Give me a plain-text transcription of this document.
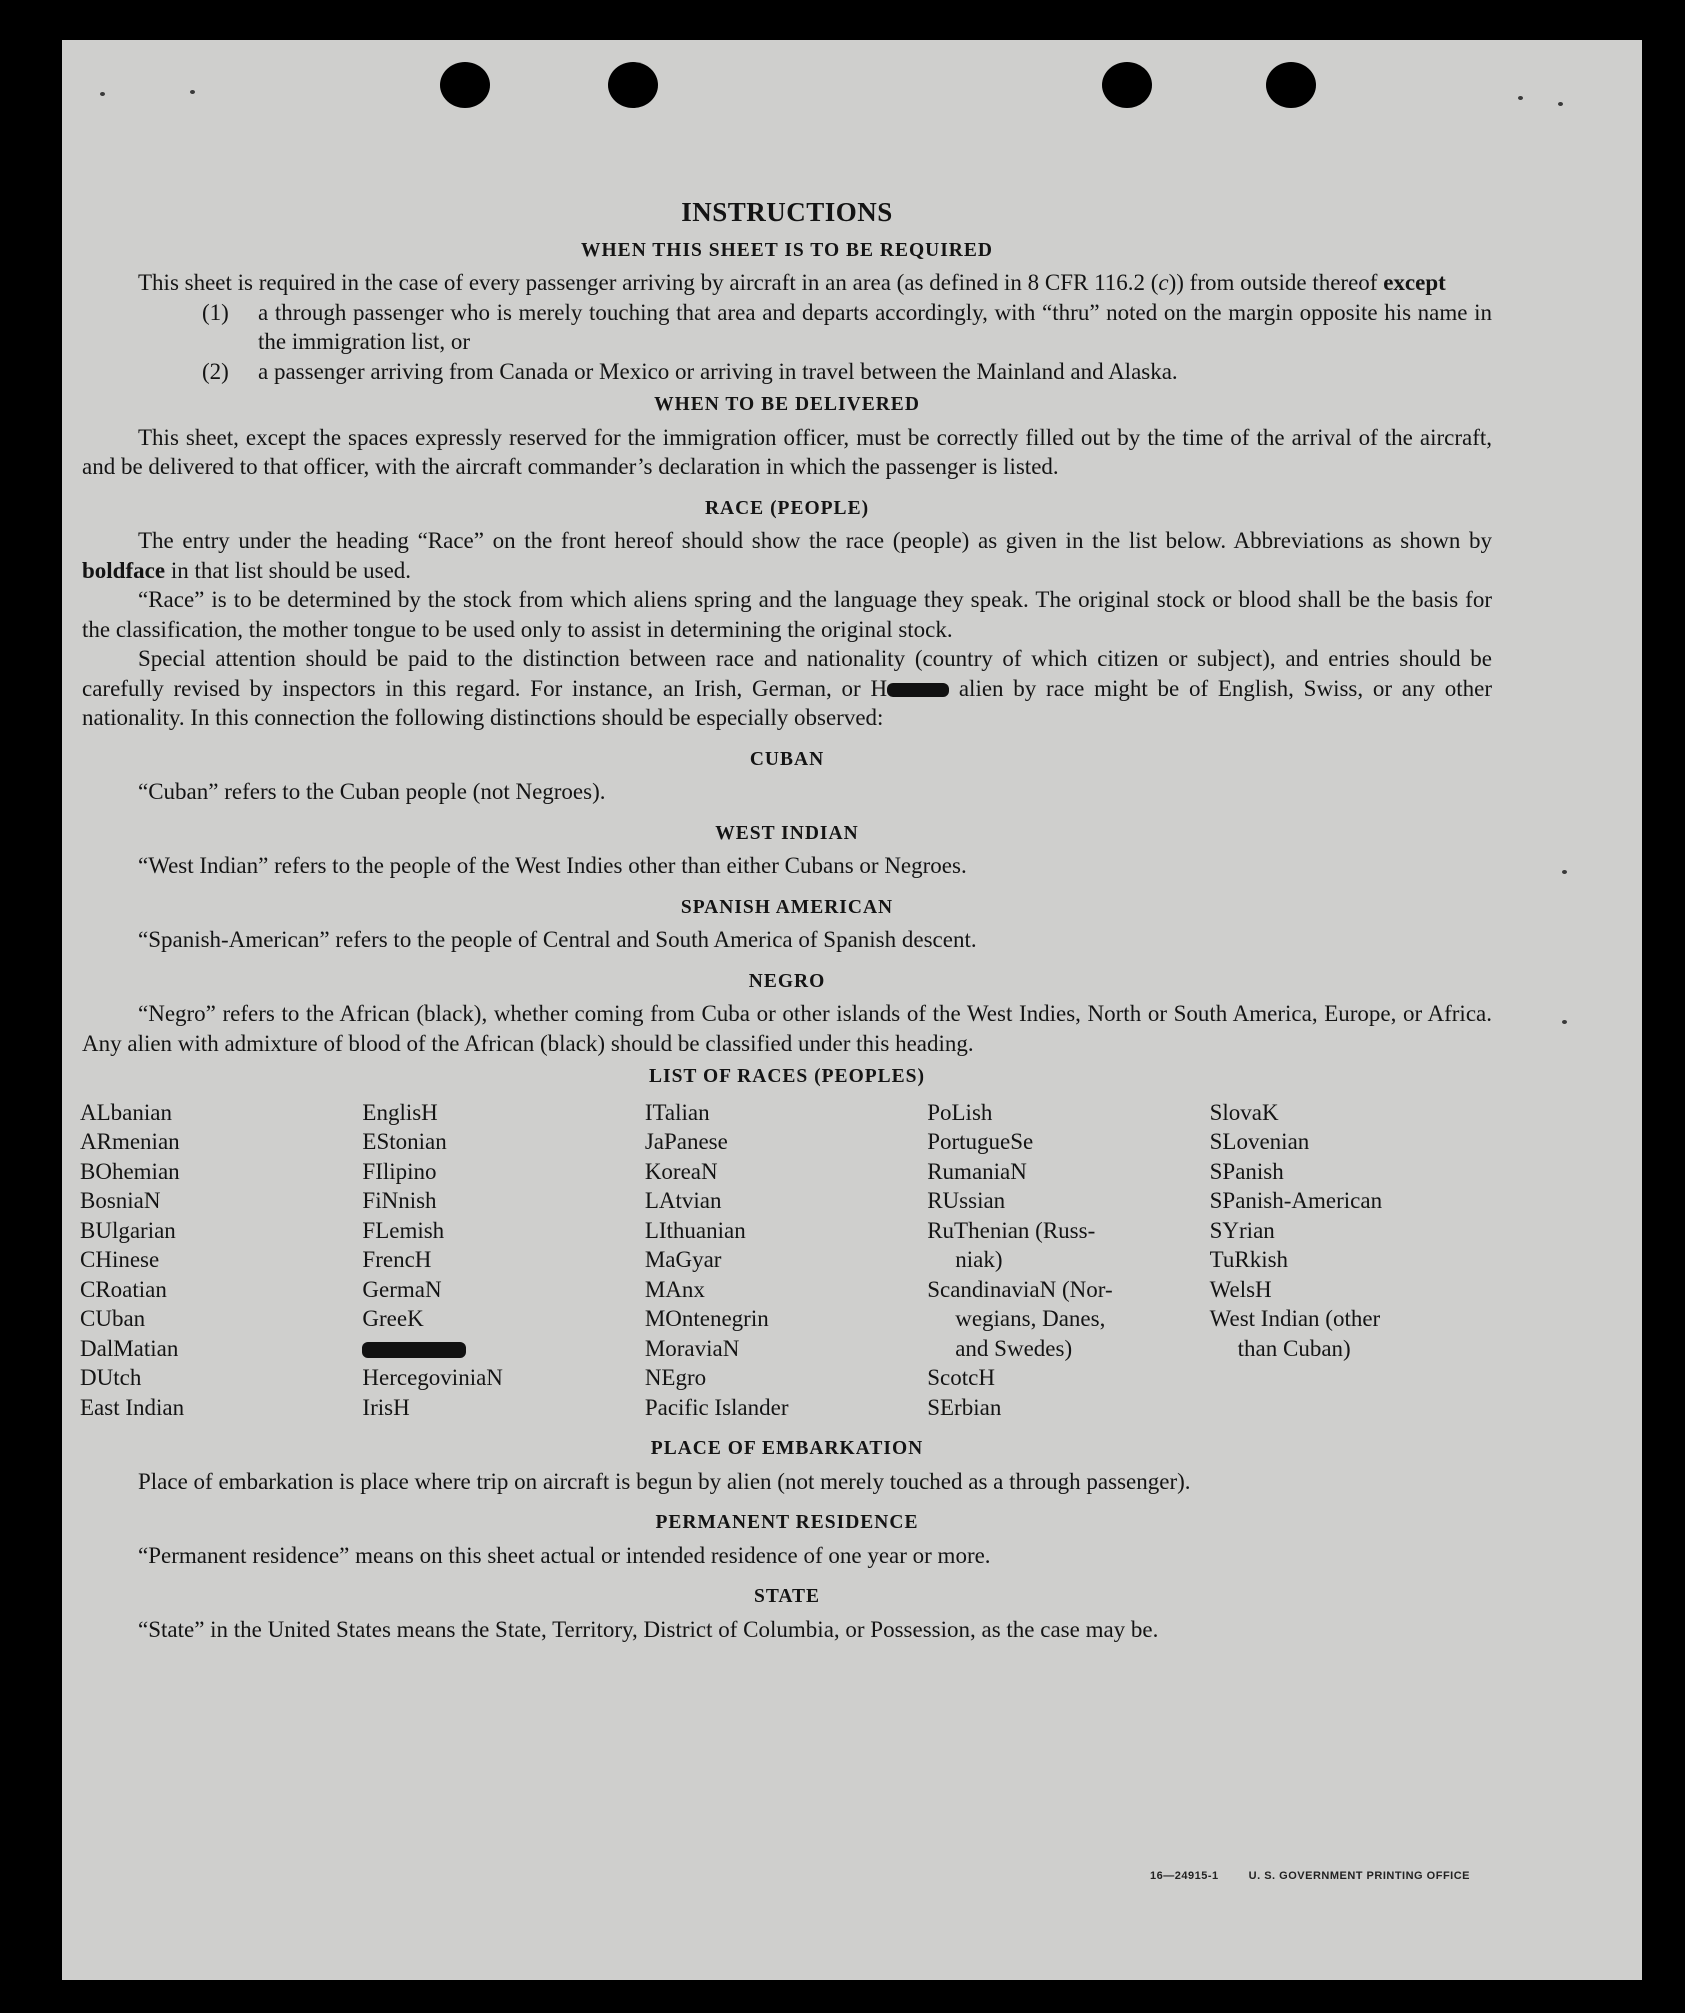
INSTRUCTIONS
WHEN THIS SHEET IS TO BE REQUIRED

This sheet is required in the case of every passenger arriving by aircraft in an area (as defined in 8 CFR 116.2 (c)) from outside thereof except

(1)	a through passenger who is merely touching that area and departs accordingly, with “thru” noted on the margin opposite his name in the immigration list, or
(2)	a passenger arriving from Canada or Mexico or arriving in travel between the Mainland and Alaska.
WHEN TO BE DELIVERED

This sheet, except the spaces expressly reserved for the immigration officer, must be correctly filled out by the time of the arrival of the aircraft, and be delivered to that officer, with the aircraft commander’s declaration in which the passenger is listed.

RACE (PEOPLE)

The entry under the heading “Race” on the front hereof should show the race (people) as given in the list below. Abbreviations as shown by boldface in that list should be used.

“Race” is to be determined by the stock from which aliens spring and the language they speak. The original stock or blood shall be the basis for the classification, the mother tongue to be used only to assist in determining the original stock.

Special attention should be paid to the distinction between race and nationality (country of which citizen or subject), and entries should be carefully revised by inspectors in this regard. For instance, an Irish, German, or H	alien by race might be of English, Swiss, or any other nationality. In this connection the following distinctions should be especially observed:

CUBAN

“Cuban” refers to the Cuban people (not Negroes).

WEST INDIAN

“West Indian” refers to the people of the West Indies other than either Cubans or Negroes.

SPANISH AMERICAN

“Spanish-American” refers to the people of Central and South America of Spanish descent.

NEGRO

“Negro” refers to the African (black), whether coming from Cuba or other islands of the West Indies, North or South America, Europe, or Africa. Any alien with admixture of blood of the African (black) should be classified under this heading.

LIST OF RACES (PEOPLES)
ALbanian
ARmenian
BOhemian
BosniaN
BUlgarian
CHinese
CRoatian
CUban
DalMatian
DUtch
East Indian
EnglisH
EStonian
FIlipino
FiNnish
FLemish
FrencH
GermaN
GreeK
HercegoviniaN
IrisH
ITalian
JaPanese
KoreaN
LAtvian
LIthuanian
MaGyar
MAnx
MOntenegrin
MoraviaN
NEgro
Pacific Islander
PoLish
PortugueSe
RumaniaN
RUssian
RuThenian (Russ-
niak)
ScandinaviaN (Nor-
wegians, Danes,
and Swedes)
ScotcH
SErbian
SlovaK
SLovenian
SPanish
SPanish-American
SYrian
TuRkish
WelsH
West Indian (other
than Cuban)
PLACE OF EMBARKATION

Place of embarkation is place where trip on aircraft is begun by alien (not merely touched as a through passenger).

PERMANENT RESIDENCE

“Permanent residence” means on this sheet actual or intended residence of one year or more.

STATE

“State” in the United States means the State, Territory, District of Columbia, or Possession, as the case may be.

16—24915-1	U. S. GOVERNMENT PRINTING OFFICE
